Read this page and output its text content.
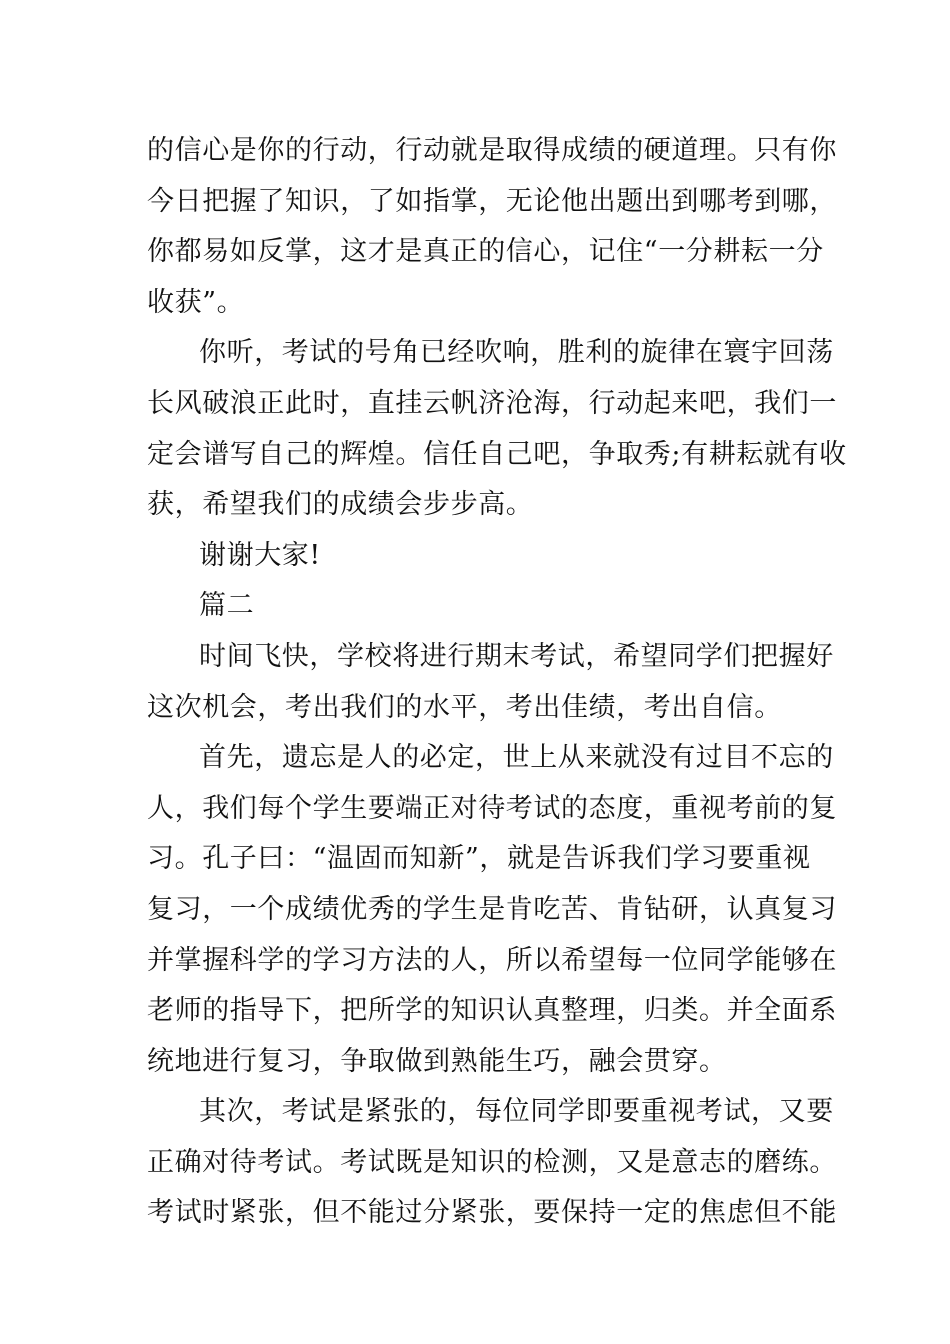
的信心是你的行动，行动就是取得成绩的硬道理。只有你
今日把握了知识，了如指掌，无论他出题出到哪考到哪，
你都易如反掌，这才是真正的信心，记住“一分耕耘一分
收获”。
你听，考试的号角已经吹响，胜利的旋律在寰宇回荡
长风破浪正此时，直挂云帆济沧海，行动起来吧，我们一
定会谱写自己的辉煌。信任自己吧，争取秀;有耕耘就有收
获，希望我们的成绩会步步高。
谢谢大家!
篇二
时间飞快，学校将进行期末考试，希望同学们把握好
这次机会，考出我们的水平，考出佳绩，考出自信。
首先，遗忘是人的必定，世上从来就没有过目不忘的
人，我们每个学生要端正对待考试的态度，重视考前的复
习。孔子曰：“温固而知新”，就是告诉我们学习要重视
复习，一个成绩优秀的学生是肯吃苦、肯钻研，认真复习
并掌握科学的学习方法的人，所以希望每一位同学能够在
老师的指导下，把所学的知识认真整理，归类。并全面系
统地进行复习，争取做到熟能生巧，融会贯穿。
其次，考试是紧张的，每位同学即要重视考试，又要
正确对待考试。考试既是知识的检测，又是意志的磨练。
考试时紧张，但不能过分紧张，要保持一定的焦虑但不能
